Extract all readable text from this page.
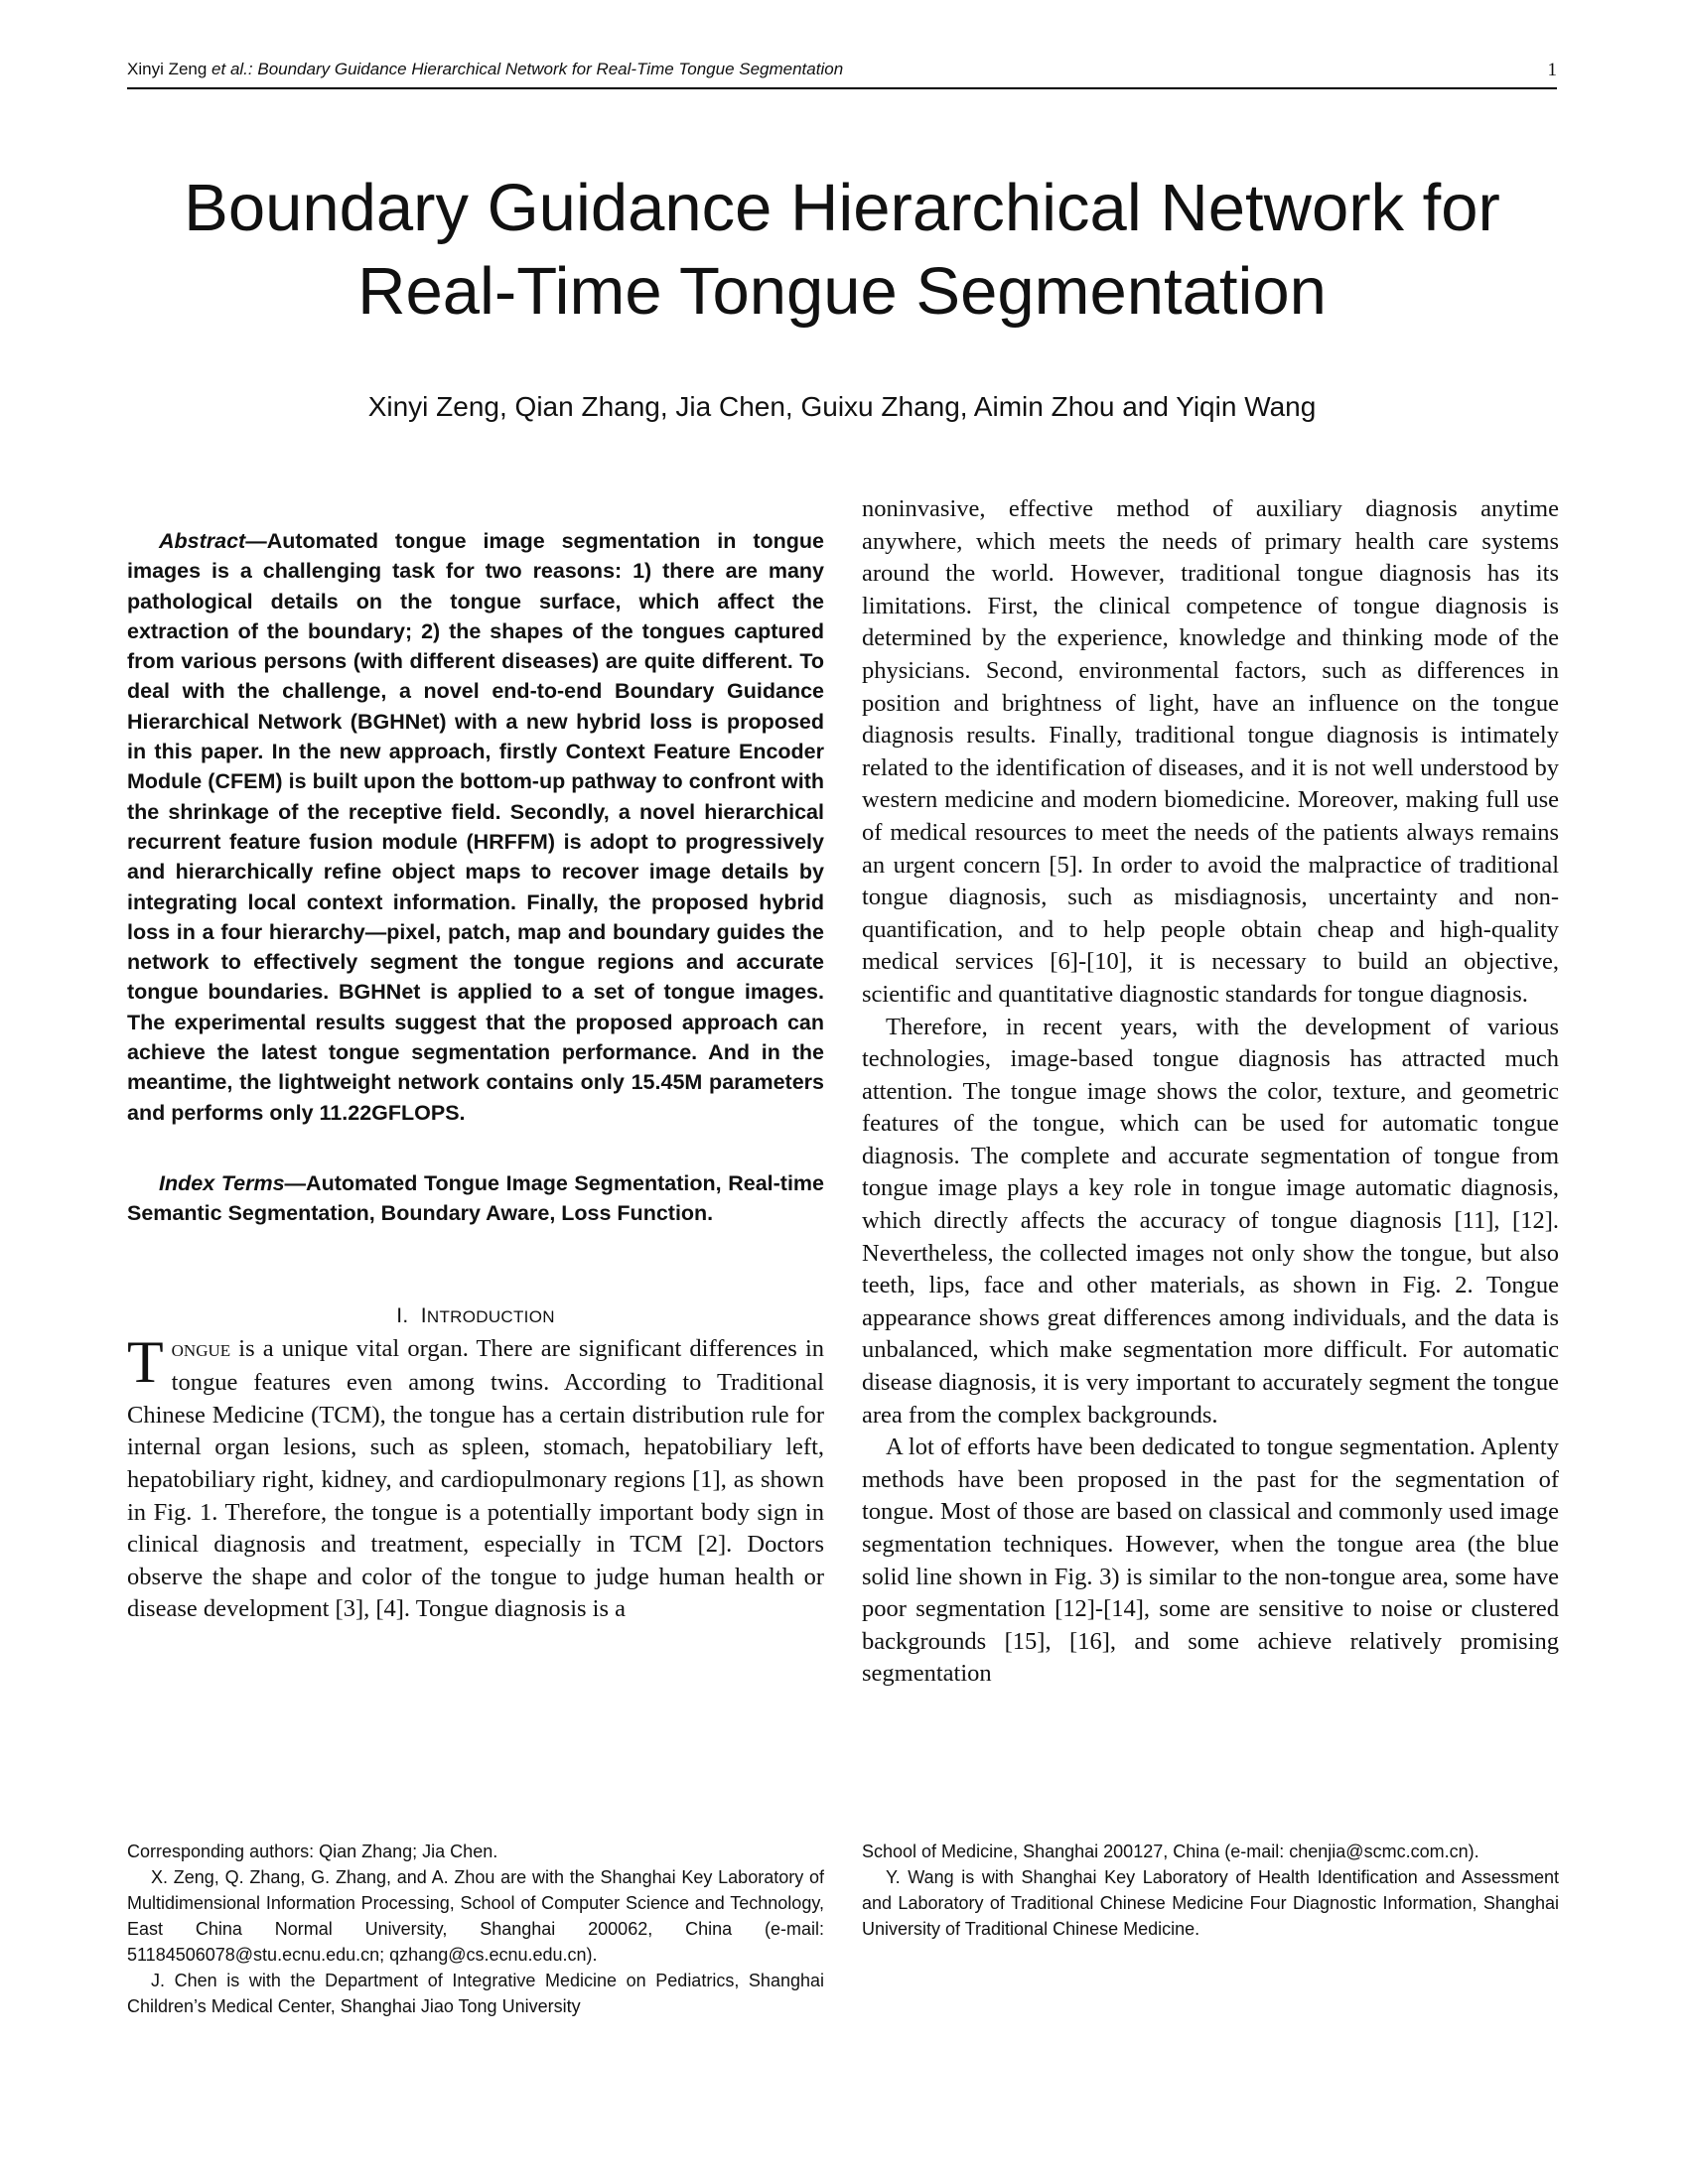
Xinyi Zeng et al.: Boundary Guidance Hierarchical Network for Real-Time Tongue Segmentation	1
Boundary Guidance Hierarchical Network for
Real-Time Tongue Segmentation
Xinyi Zeng, Qian Zhang, Jia Chen, Guixu Zhang, Aimin Zhou and Yiqin Wang

Abstract—Automated tongue image segmentation in tongue images is a challenging task for two reasons: 1) there are many pathological details on the tongue surface, which affect the extraction of the boundary; 2) the shapes of the tongues captured from various persons (with different diseases) are quite different. To deal with the challenge, a novel end-to-end Boundary Guidance Hierarchical Network (BGHNet) with a new hybrid loss is proposed in this paper. In the new approach, firstly Context Feature Encoder Module (CFEM) is built upon the bottom-up pathway to confront with the shrinkage of the receptive field. Secondly, a novel hierarchical recurrent feature fusion module (HRFFM) is adopt to progressively and hierarchically refine object maps to recover image details by integrating local context information. Finally, the proposed hybrid loss in a four hierarchy—pixel, patch, map and boundary guides the network to effectively segment the tongue regions and accurate tongue boundaries. BGHNet is applied to a set of tongue images. The experimental results suggest that the proposed approach can achieve the latest tongue segmentation performance. And in the meantime, the lightweight network contains only 15.45M parameters and performs only 11.22GFLOPS.

Index Terms—Automated Tongue Image Segmentation, Real-time Semantic Segmentation, Boundary Aware, Loss Function.

I. INTRODUCTION

TONGUE is a unique vital organ. There are significant differences in tongue features even among twins. According to Traditional Chinese Medicine (TCM), the tongue has a certain distribution rule for internal organ lesions, such as spleen, stomach, hepatobiliary left, hepatobiliary right, kidney, and cardiopulmonary regions [1], as shown in Fig. 1. Therefore, the tongue is a potentially important body sign in clinical diagnosis and treatment, especially in TCM [2]. Doctors observe the shape and color of the tongue to judge human health or disease development [3], [4]. Tongue diagnosis is a

noninvasive, effective method of auxiliary diagnosis anytime anywhere, which meets the needs of primary health care systems around the world. However, traditional tongue diagnosis has its limitations. First, the clinical competence of tongue diagnosis is determined by the experience, knowledge and thinking mode of the physicians. Second, environmental factors, such as differences in position and brightness of light, have an influence on the tongue diagnosis results. Finally, traditional tongue diagnosis is intimately related to the identification of diseases, and it is not well understood by western medicine and modern biomedicine. Moreover, making full use of medical resources to meet the needs of the patients always remains an urgent concern [5]. In order to avoid the malpractice of traditional tongue diagnosis, such as misdiagnosis, uncertainty and non-quantification, and to help people obtain cheap and high-quality medical services [6]-[10], it is necessary to build an objective, scientific and quantitative diagnostic standards for tongue diagnosis.

Therefore, in recent years, with the development of various technologies, image-based tongue diagnosis has attracted much attention. The tongue image shows the color, texture, and geometric features of the tongue, which can be used for automatic tongue diagnosis. The complete and accurate segmentation of tongue from tongue image plays a key role in tongue image automatic diagnosis, which directly affects the accuracy of tongue diagnosis [11], [12]. Nevertheless, the collected images not only show the tongue, but also teeth, lips, face and other materials, as shown in Fig. 2. Tongue appearance shows great differences among individuals, and the data is unbalanced, which make segmentation more difficult. For automatic disease diagnosis, it is very important to accurately segment the tongue area from the complex backgrounds.

A lot of efforts have been dedicated to tongue segmentation. Aplenty methods have been proposed in the past for the segmentation of tongue. Most of those are based on classical and commonly used image segmentation techniques. However, when the tongue area (the blue solid line shown in Fig. 3) is similar to the non-tongue area, some have poor segmentation [12]-[14], some are sensitive to noise or clustered backgrounds [15], [16], and some achieve relatively promising segmentation

Corresponding authors: Qian Zhang; Jia Chen.

X. Zeng, Q. Zhang, G. Zhang, and A. Zhou are with the Shanghai Key Laboratory of Multidimensional Information Processing, School of Computer Science and Technology, East China Normal University, Shanghai 200062, China (e-mail: 51184506078@stu.ecnu.edu.cn; qzhang@cs.ecnu.edu.cn).

J. Chen is with the Department of Integrative Medicine on Pediatrics, Shanghai Children’s Medical Center, Shanghai Jiao Tong University

School of Medicine, Shanghai 200127, China (e-mail: chenjia@scmc.com.cn).

Y. Wang is with Shanghai Key Laboratory of Health Identification and Assessment and Laboratory of Traditional Chinese Medicine Four Diagnostic Information, Shanghai University of Traditional Chinese Medicine.
